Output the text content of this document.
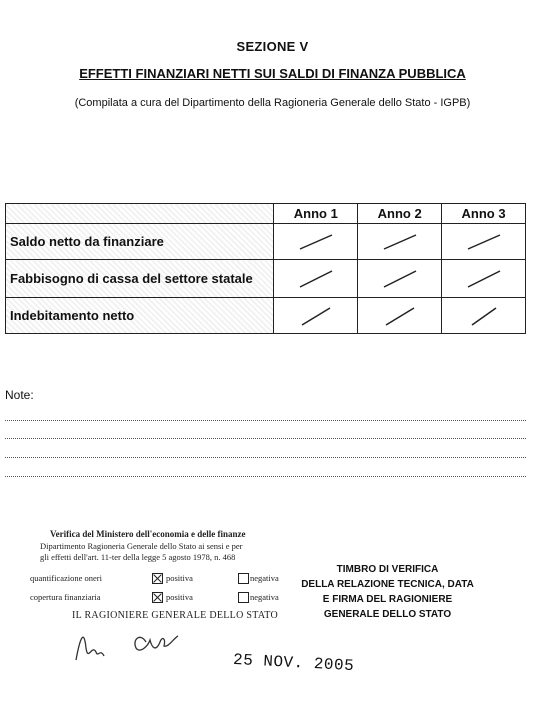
SEZIONE V
EFFETTI FINANZIARI NETTI SUI SALDI DI FINANZA PUBBLICA
(Compilata a cura del Dipartimento della Ragioneria Generale dello Stato - IGPB)
	Anno 1	Anno 2	Anno 3
Saldo netto da finanziare	

Fabbisogno di cassa del settore statale	

Indebitamento netto	

Note:
Verifica del Ministero dell'economia e delle finanze
Dipartimento Ragioneria Generale dello Stato ai sensi e per
gli effetti dell'art. 11-ter della legge 5 agosto 1978, n. 468
quantificazione oneri	positiva	negativa
copertura finanziaria	positiva	negativa
IL RAGIONIERE GENERALE DELLO STATO
TIMBRO DI VERIFICA
DELLA RELAZIONE TECNICA, DATA
E FIRMA DEL RAGIONIERE
GENERALE DELLO STATO
25 NOV. 2005
